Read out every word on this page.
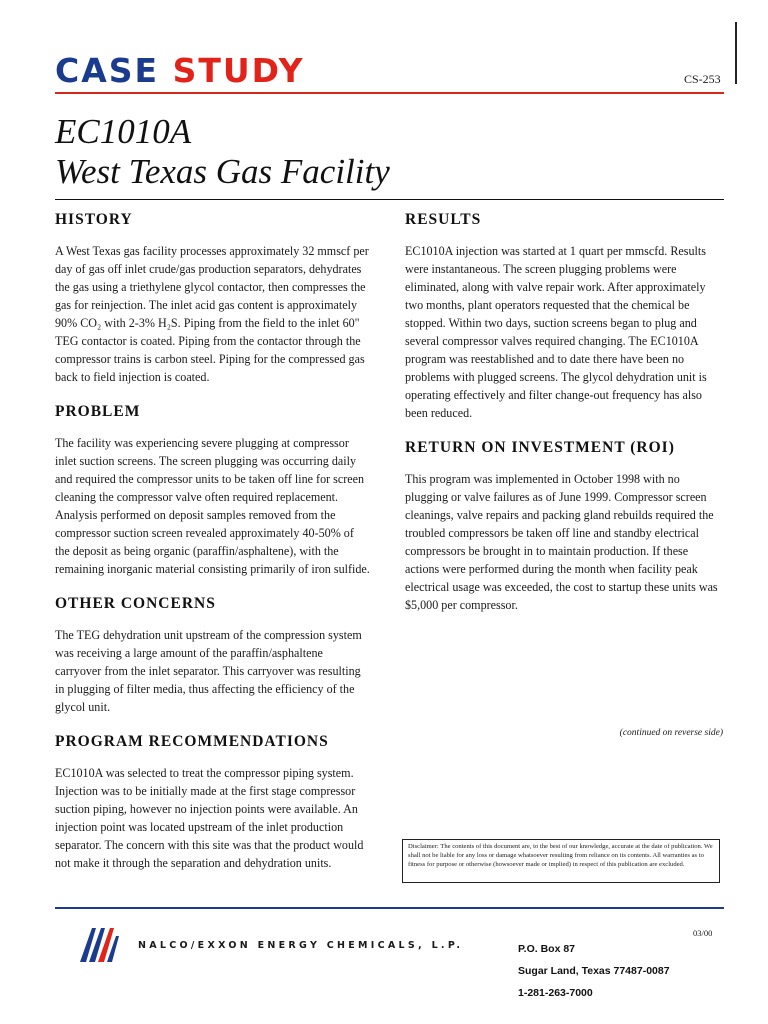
CASE STUDY	CS-253
EC1010A
West Texas Gas Facility
HISTORY

A West Texas gas facility processes approximately 32 mmscf per day of gas off inlet crude/gas production separators, dehydrates the gas using a triethylene glycol contactor, then compresses the gas for reinjection. The inlet acid gas content is approximately 90% CO₂ with 2-3% H₂S. Piping from the field to the inlet 60" TEG contactor is coated. Piping from the contactor through the compressor trains is carbon steel. Piping for the compressed gas back to field injection is coated.

PROBLEM

The facility was experiencing severe plugging at compressor inlet suction screens. The screen plugging was occurring daily and required the compressor units to be taken off line for screen cleaning the compressor valve often required replacement. Analysis performed on deposit samples removed from the compressor suction screen revealed approximately 40-50% of the deposit as being organic (paraffin/asphaltene), with the remaining inorganic material consisting primarily of iron sulfide.

OTHER CONCERNS

The TEG dehydration unit upstream of the compression system was receiving a large amount of the paraffin/asphaltene carryover from the inlet separator. This carryover was resulting in plugging of filter media, thus affecting the efficiency of the glycol unit.

PROGRAM RECOMMENDATIONS

EC1010A was selected to treat the compressor piping system. Injection was to be initially made at the first stage compressor suction piping, however no injection points were available. An injection point was located upstream of the inlet production separator. The concern with this site was that the product would not make it through the separation and dehydration units.

RESULTS

EC1010A injection was started at 1 quart per mmscfd. Results were instantaneous. The screen plugging problems were eliminated, along with valve repair work. After approximately two months, plant operators requested that the chemical be stopped. Within two days, suction screens began to plug and several compressor valves required changing. The EC1010A program was reestablished and to date there have been no problems with plugged screens. The glycol dehydration unit is operating effectively and filter change-out frequency has also been reduced.

RETURN ON INVESTMENT (ROI)

This program was implemented in October 1998 with no plugging or valve failures as of June 1999. Compressor screen cleanings, valve repairs and packing gland rebuilds required the troubled compressors be taken off line and standby electrical compressors be brought in to maintain production. If these actions were performed during the month when facility peak electrical usage was exceeded, the cost to startup these units was $5,000 per compressor.

(continued on reverse side)
Disclaimer: The contents of this document are, to the best of our knowledge, accurate at the date of publication. We shall not be liable for any loss or damage whatsoever resulting from reliance on its contents. All warranties as to fitness for purpose or otherwise (howsoever made or implied) in respect of this publication are excluded.
03/00
NALCO/EXXON ENERGY CHEMICALS, L.P.	P.O. Box 87
Sugar Land, Texas 77487-0087
1-281-263-7000
